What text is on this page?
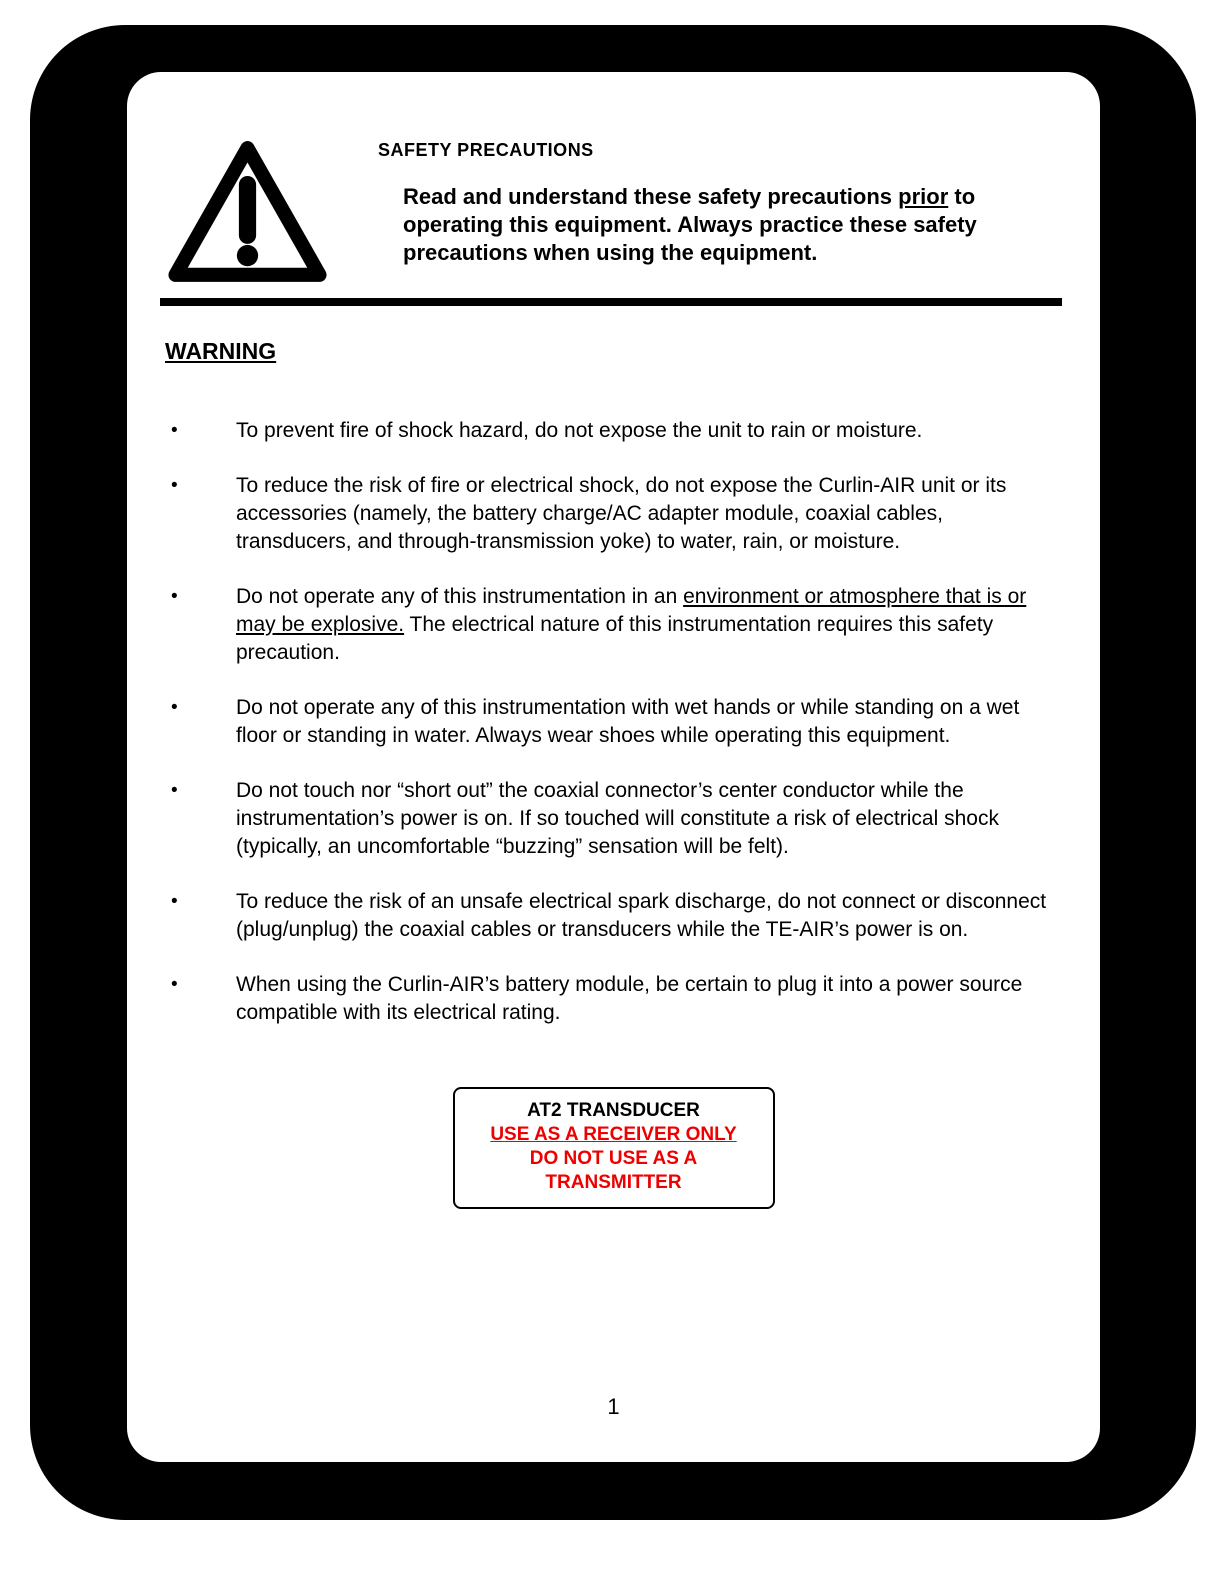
SAFETY PRECAUTIONS

Read and understand these safety precautions prior to operating this equipment. Always practice these safety precautions when using the equipment.

WARNING
•	To prevent fire of shock hazard, do not expose the unit to rain or moisture.
•	To reduce the risk of fire or electrical shock, do not expose the Curlin-AIR unit or its accessories (namely, the battery charge/AC adapter module, coaxial cables, transducers, and through-transmission yoke) to water, rain, or moisture.
•	Do not operate any of this instrumentation in an environment or atmosphere that is or may be explosive. The electrical nature of this instrumentation requires this safety precaution.
•	Do not operate any of this instrumentation with wet hands or while standing on a wet floor or standing in water. Always wear shoes while operating this equipment.
•	Do not touch nor “short out” the coaxial connector’s center conductor while the instrumentation’s power is on. If so touched will constitute a risk of electrical shock (typically, an uncomfortable “buzzing” sensation will be felt).
•	To reduce the risk of an unsafe electrical spark discharge, do not connect or disconnect (plug/unplug) the coaxial cables or transducers while the TE-AIR’s power is on.
•	When using the Curlin-AIR’s battery module, be certain to plug it into a power source compatible with its electrical rating.
AT2 TRANSDUCER
USE AS A RECEIVER ONLY
DO NOT USE AS A
TRANSMITTER
1
